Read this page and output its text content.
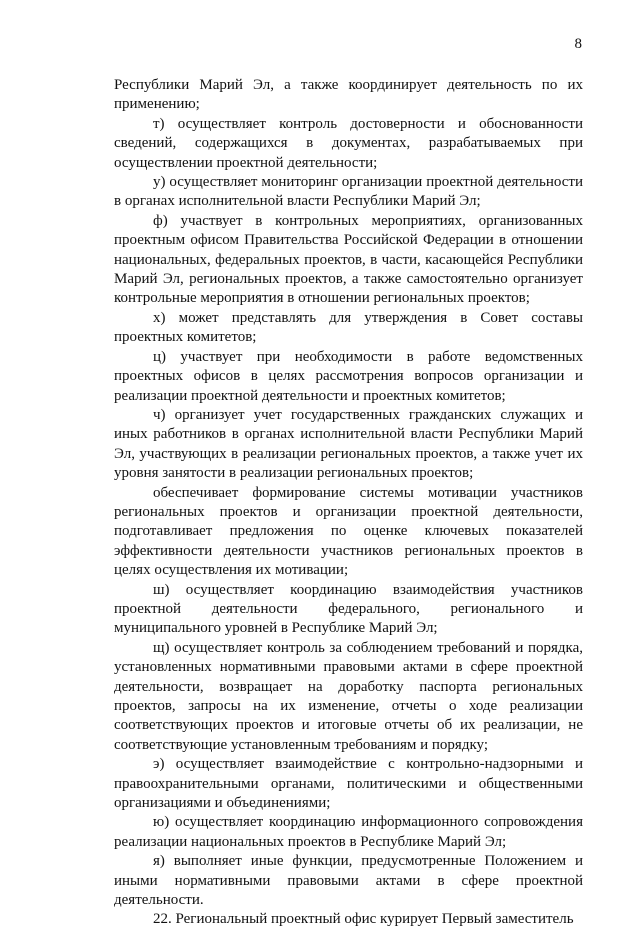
8

Республики Марий Эл, а также координирует деятельность по их применению;

т) осуществляет контроль достоверности и обоснованности сведений, содержащихся в документах, разрабатываемых при осуществлении проектной деятельности;

у) осуществляет мониторинг организации проектной деятельности в органах исполнительной власти Республики Марий Эл;

ф) участвует в контрольных мероприятиях, организованных проектным офисом Правительства Российской Федерации в отношении национальных, федеральных проектов, в части, касающейся Республики Марий Эл, региональных проектов, а также самостоятельно организует контрольные мероприятия в отношении региональных проектов;

х) может представлять для утверждения в Совет составы проектных комитетов;

ц) участвует при необходимости в работе ведомственных проектных офисов в целях рассмотрения вопросов организации и реализации проектной деятельности и проектных комитетов;

ч) организует учет государственных гражданских служащих и иных работников в органах исполнительной власти Республики Марий Эл, участвующих в реализации региональных проектов, а также учет их уровня занятости в реализации региональных проектов;

обеспечивает формирование системы мотивации участников региональных проектов и организации проектной деятельности, подготавливает предложения по оценке ключевых показателей эффективности деятельности участников региональных проектов в целях осуществления их мотивации;

ш) осуществляет координацию взаимодействия участников проектной деятельности федерального, регионального и муниципального уровней в Республике Марий Эл;

щ) осуществляет контроль за соблюдением требований и порядка, установленных нормативными правовыми актами в сфере проектной деятельности, возвращает на доработку паспорта региональных проектов, запросы на их изменение, отчеты о ходе реализации соответствующих проектов и итоговые отчеты об их реализации, не соответствующие установленным требованиям и порядку;

э) осуществляет взаимодействие с контрольно-надзорными и правоохранительными органами, политическими и общественными организациями и объединениями;

ю) осуществляет координацию информационного сопровождения реализации национальных проектов в Республике Марий Эл;

я) выполняет иные функции, предусмотренные Положением и иными нормативными правовыми актами в сфере проектной деятельности.

22. Региональный проектный офис курирует Первый заместитель
